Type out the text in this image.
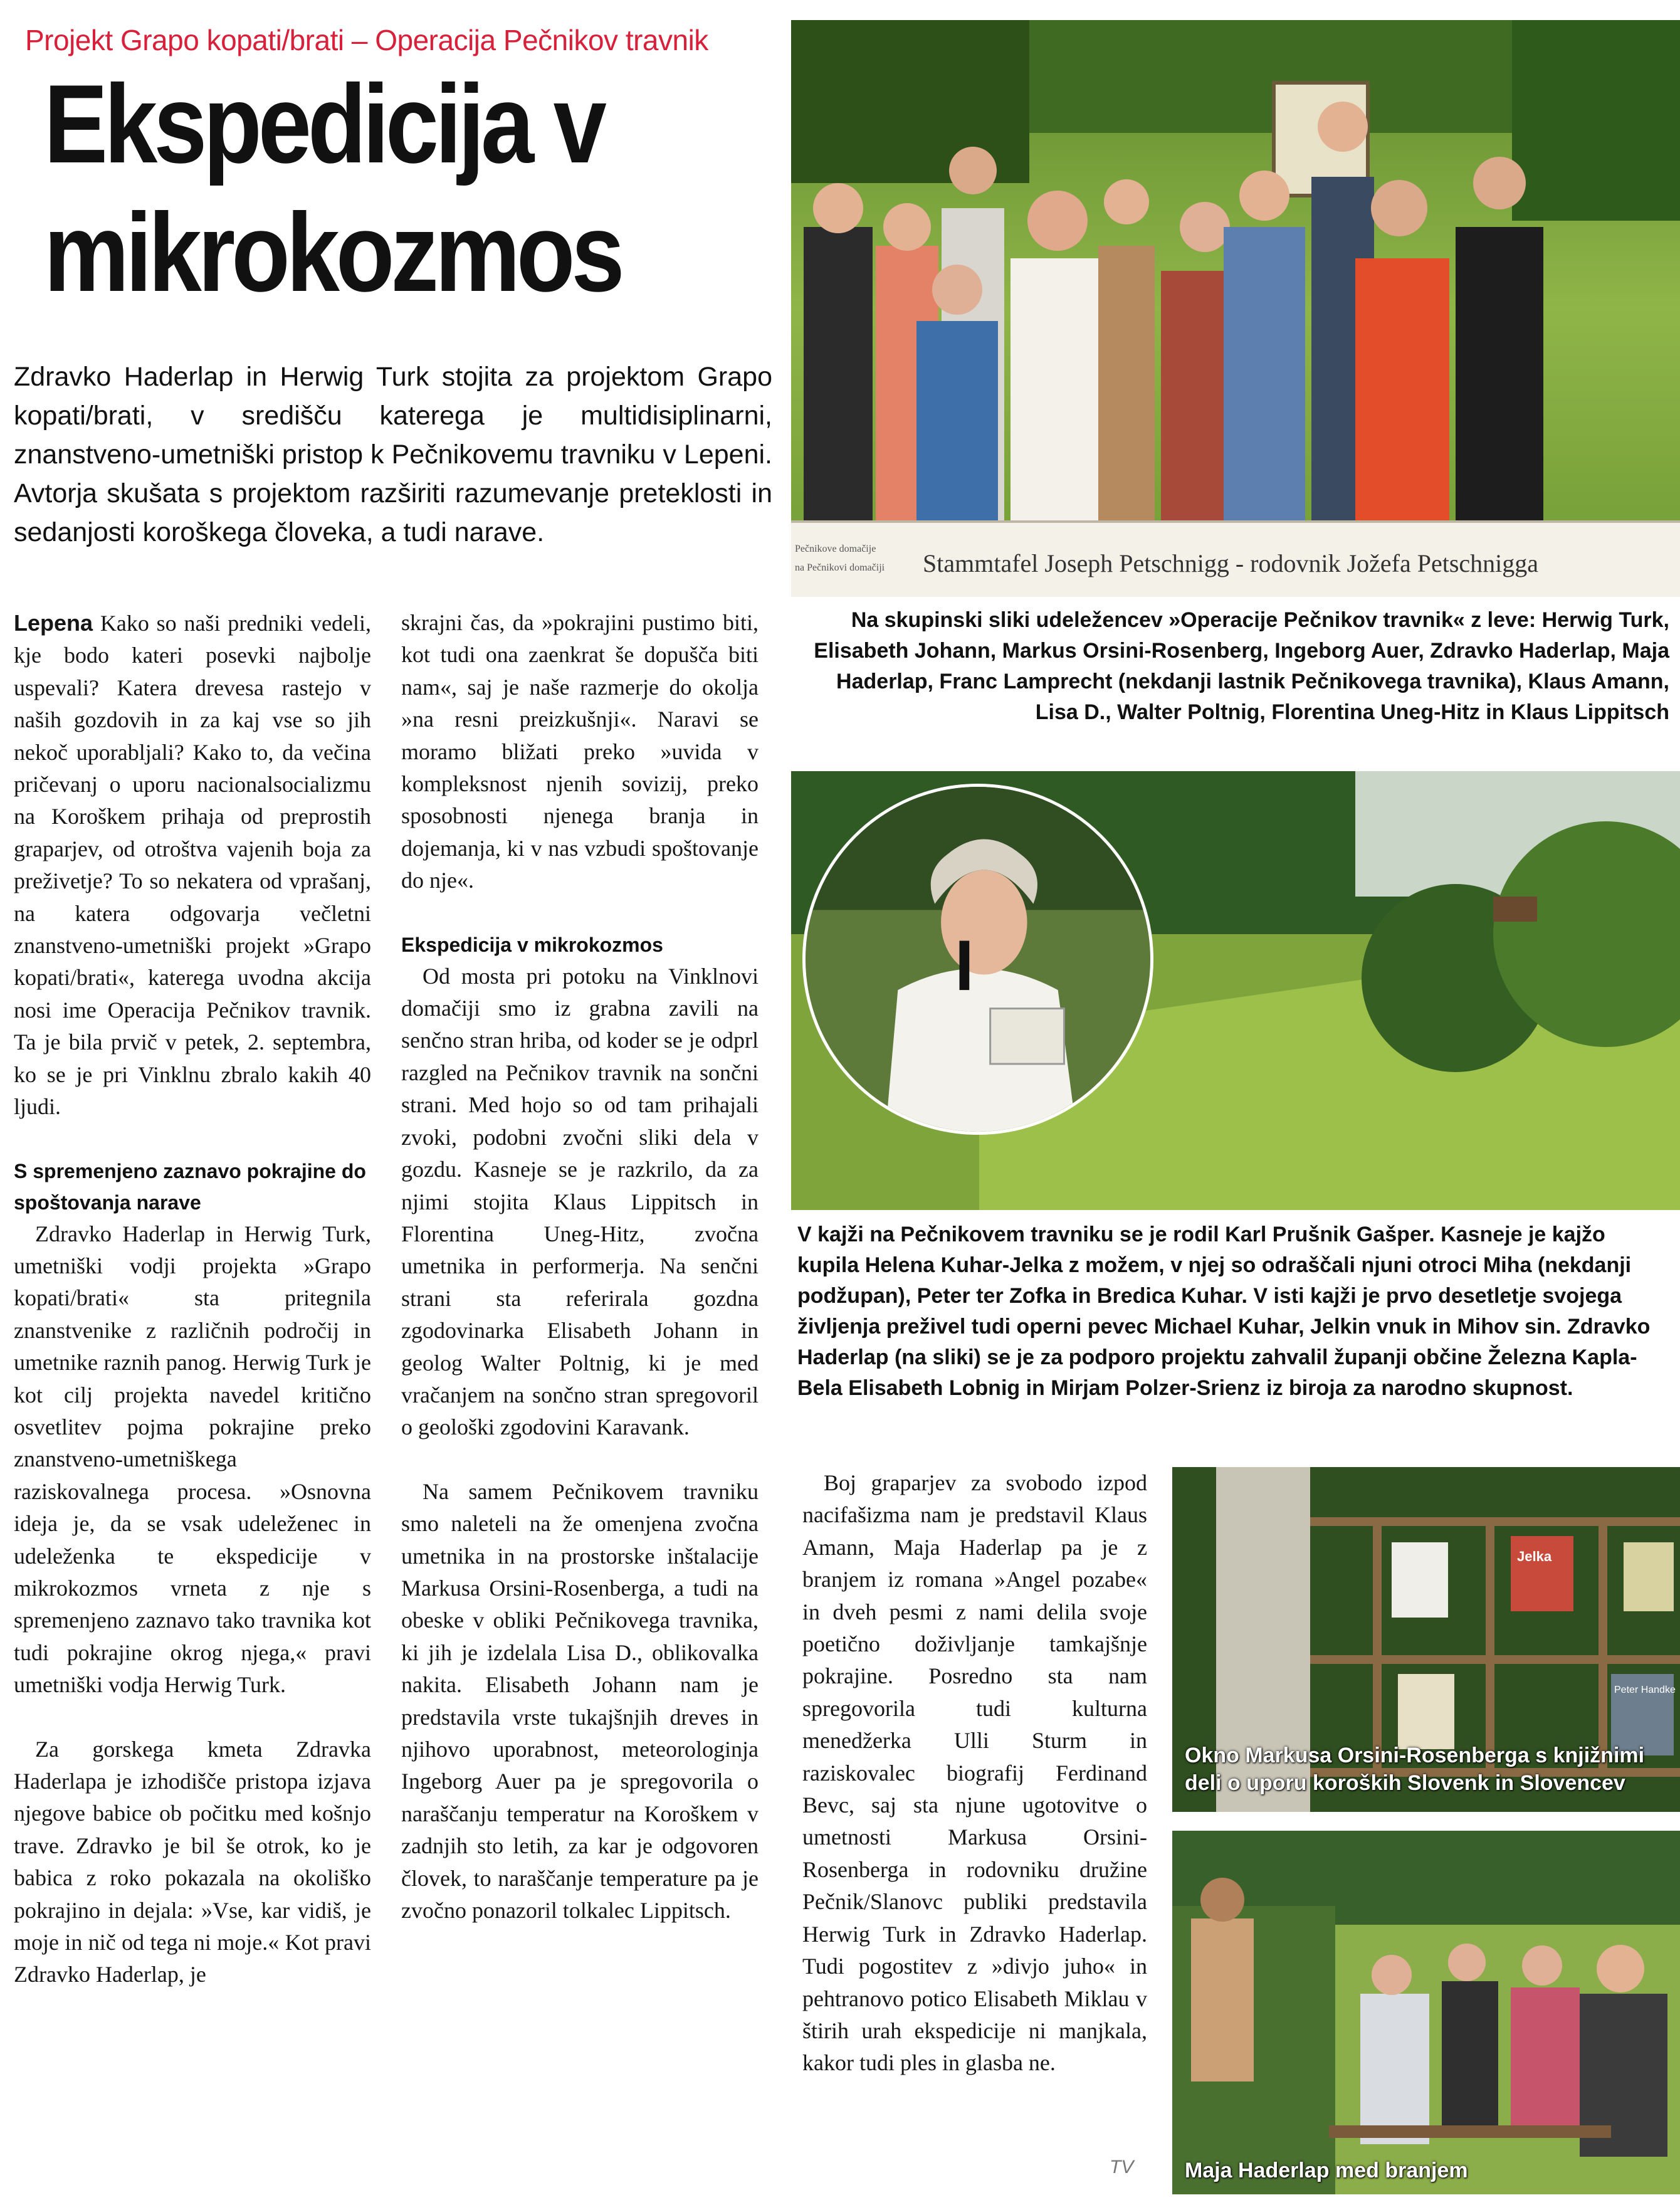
Projekt Grapo kopati/brati – Operacija Pečnikov travnik
Ekspedicija v
mikrokozmos
Zdravko Haderlap in Herwig Turk stojita za projektom Grapo kopati/brati, v središču katerega je multidisiplinarni, znanstveno-umetniški pristop k Pečnikovemu travniku v Lepeni. Avtorja skušata s projektom razširiti razumevanje preteklosti in sedanjosti koroškega človeka, a tudi narave.

Lepena Kako so naši predniki vedeli, kje bodo kateri posevki najbolje uspevali? Katera drevesa rastejo v naših gozdovih in za kaj vse so jih nekoč uporabljali? Kako to, da večina pričevanj o uporu nacionalsocializmu na Koroškem prihaja od preprostih graparjev, od otroštva vajenih boja za preživetje? To so nekatera od vprašanj, na katera odgovarja večletni znanstveno-umetniški projekt »Grapo kopati/brati«, katerega uvodna akcija nosi ime Operacija Pečnikov travnik. Ta je bila prvič v petek, 2. septembra, ko se je pri Vinklnu zbralo kakih 40 ljudi.

S spremenjeno zaznavo pokrajine do spoštovanja narave

Zdravko Haderlap in Herwig Turk, umetniški vodji projekta »Grapo kopati/brati« sta pritegnila znanstvenike z različnih področij in umetnike raznih panog. Herwig Turk je kot cilj projekta navedel kritično osvetlitev pojma pokrajine preko znanstveno-umetniškega raziskovalnega procesa. »Osnovna ideja je, da se vsak udeleženec in udeleženka te ekspedicije v mikrokozmos vrneta z nje s spremenjeno zaznavo tako travnika kot tudi pokrajine okrog njega,« pravi umetniški vodja Herwig Turk.

Za gorskega kmeta Zdravka Haderlapa je izhodišče pristopa izjava njegove babice ob počitku med košnjo trave. Zdravko je bil še otrok, ko je babica z roko pokazala na okoliško pokrajino in dejala: »Vse, kar vidiš, je moje in nič od tega ni moje.« Kot pravi Zdravko Haderlap, je

skrajni čas, da »pokrajini pustimo biti, kot tudi ona zaenkrat še dopušča biti nam«, saj je naše razmerje do okolja »na resni preizkušnji«. Naravi se moramo bližati preko »uvida v kompleksnost njenih sovizij, preko sposobnosti njenega branja in dojemanja, ki v nas vzbudi spoštovanje do nje«.

Ekspedicija v mikrokozmos

Od mosta pri potoku na Vinklnovi domačiji smo iz grabna zavili na senčno stran hriba, od koder se je odprl razgled na Pečnikov travnik na sončni strani. Med hojo so od tam prihajali zvoki, podobni zvočni sliki dela v gozdu. Kasneje se je razkrilo, da za njimi stojita Klaus Lippitsch in Florentina Uneg-Hitz, zvočna umetnika in performerja. Na senčni strani sta referirala gozdna zgodovinarka Elisabeth Johann in geolog Walter Poltnig, ki je med vračanjem na sončno stran spregovoril o geološki zgodovini Karavank.

Na samem Pečnikovem travniku smo naleteli na že omenjena zvočna umetnika in na prostorske inštalacije Markusa Orsini-Rosenberga, a tudi na obeske v obliki Pečnikovega travnika, ki jih je izdelala Lisa D., oblikovalka nakita. Elisabeth Johann nam je predstavila vrste tukajšnjih dreves in njihovo uporabnost, meteorologinja Ingeborg Auer pa je spregovorila o naraščanju temperatur na Koroškem v zadnjih sto letih, za kar je odgovoren človek, to naraščanje temperature pa je zvočno ponazoril tolkalec Lippitsch.

Boj graparjev za svobodo izpod nacifašizma nam je predstavil Klaus Amann, Maja Haderlap pa je z branjem iz romana »Angel pozabe« in dveh pesmi z nami delila svoje poetično doživljanje tamkajšnje pokrajine. Posredno sta nam spregovorila tudi kulturna menedžerka Ulli Sturm in raziskovalec biografij Ferdinand Bevc, saj sta njune ugotovitve o umetnosti Markusa Orsini-Rosenberga in rodovniku družine Pečnik/Slanovc publiki predstavila Herwig Turk in Zdravko Haderlap. Tudi pogostitev z »divjo juho« in pehtranovo potico Elisabeth Miklau v štirih urah ekspedicije ni manjkala, kakor tudi ples in glasba ne.

Pečnikove domačije
na Pečnikovi domačiji Stammtafel Joseph Petschnigg - rodovnik Jožefa Petschnigga
Na skupinski sliki udeležencev »Operacije Pečnikov travnik« z leve: Herwig Turk, Elisabeth Johann, Markus Orsini-Rosenberg, Ingeborg Auer, Zdravko Haderlap, Maja Haderlap, Franc Lamprecht (nekdanji lastnik Pečnikovega travnika), Klaus Amann, Lisa D., Walter Poltnig, Florentina Uneg-Hitz in Klaus Lippitsch
V kajži na Pečnikovem travniku se je rodil Karl Prušnik Gašper. Kasneje je kajžo kupila Helena Kuhar-Jelka z možem, v njej so odraščali njuni otroci Miha (nekdanji podžupan), Peter ter Zofka in Bredica Kuhar. V isti kajži je prvo desetletje svojega življenja preživel tudi operni pevec Michael Kuhar, Jelkin vnuk in Mihov sin. Zdravko Haderlap (na sliki) se je za podporo projektu zahvalil županji občine Železna Kapla-Bela Elisabeth Lobnig in Mirjam Polzer-Srienz iz biroja za narodno skupnost.
Jelka
Peter Handke
Okno Markusa Orsini-Rosenberga s knjižnimi deli o uporu koroških Slovenk in Slovencev
Maja Haderlap med branjem
TV
